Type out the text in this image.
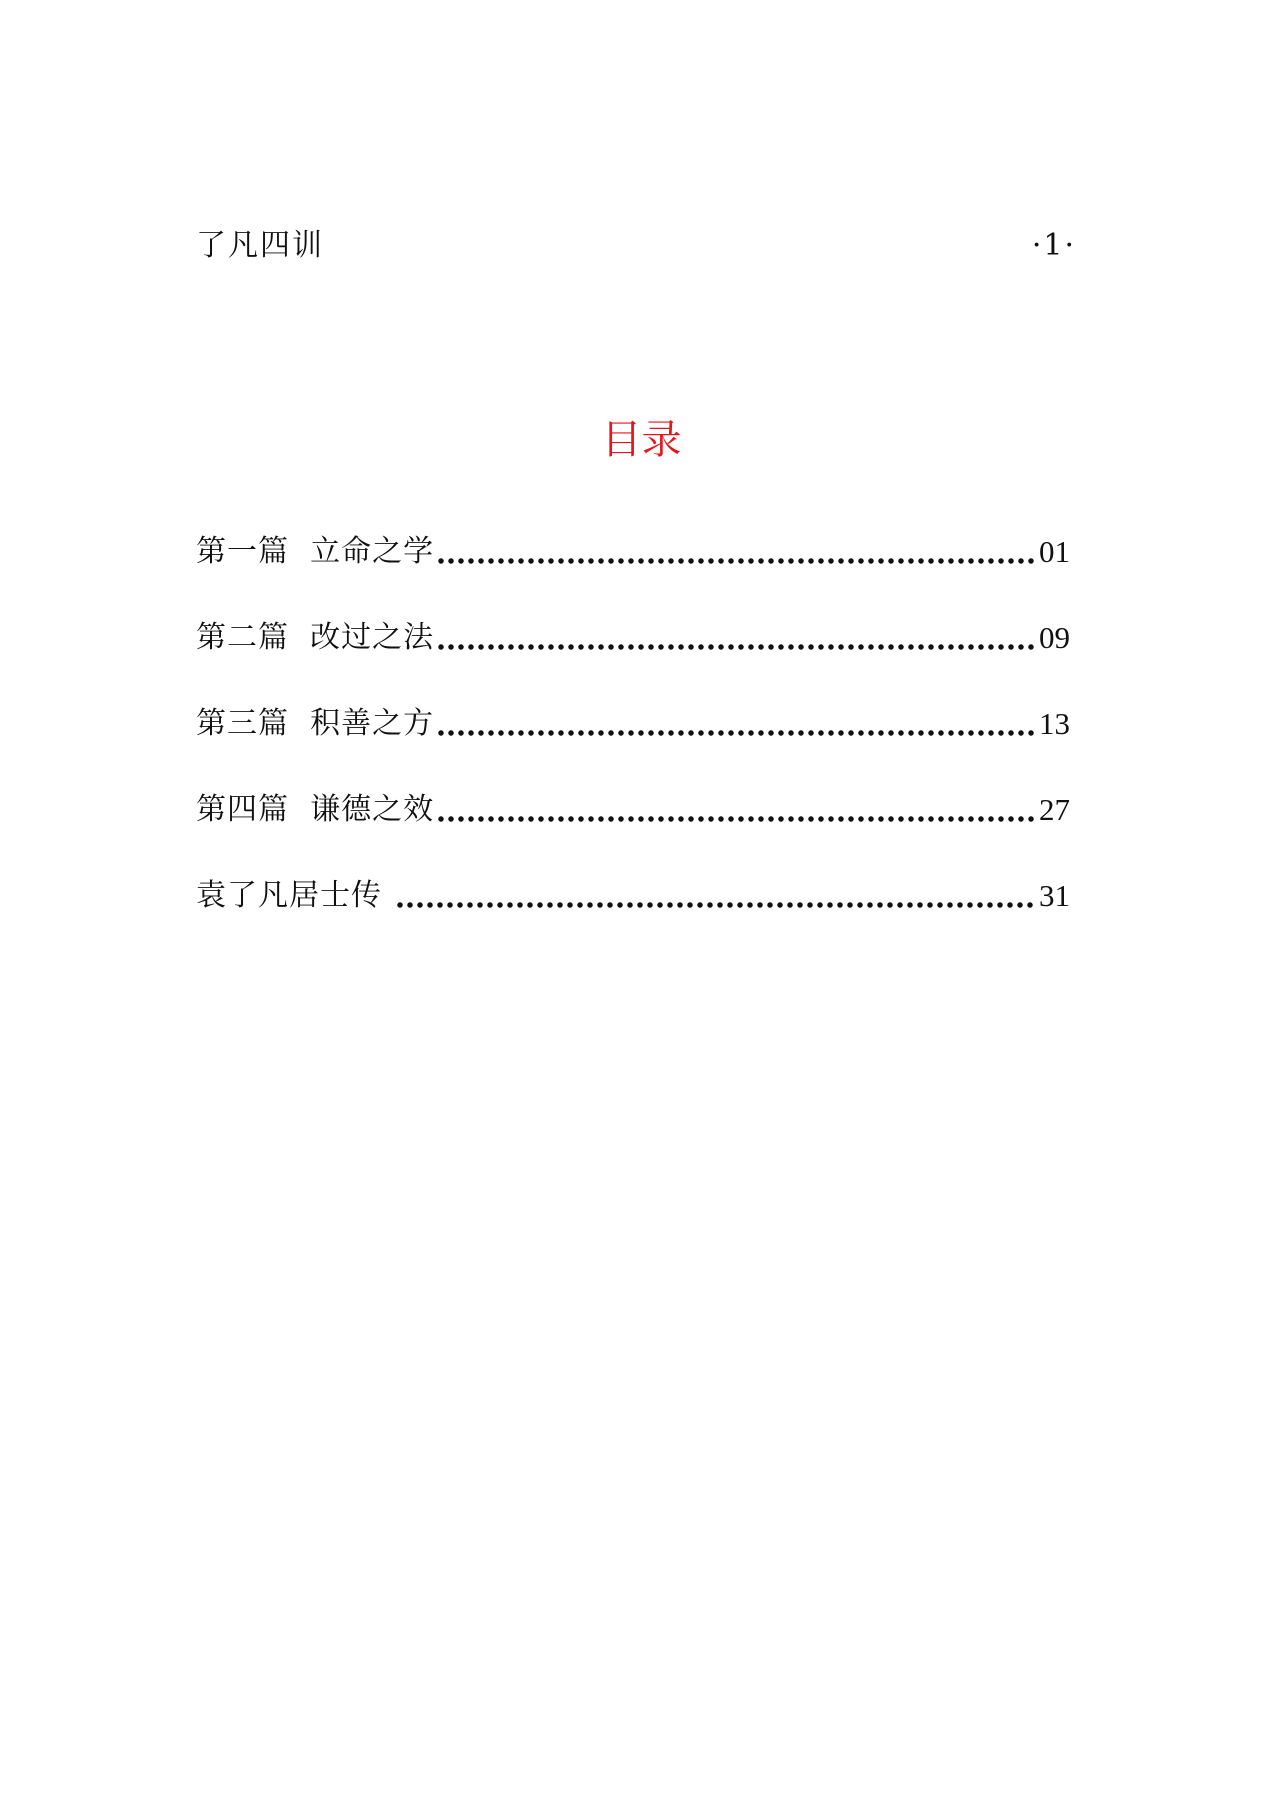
了凡四训	·1·
目录
第一篇  立命之学	01
第二篇  改过之法	09
第三篇  积善之方	13
第四篇  谦德之效	27
袁了凡居士传	31
